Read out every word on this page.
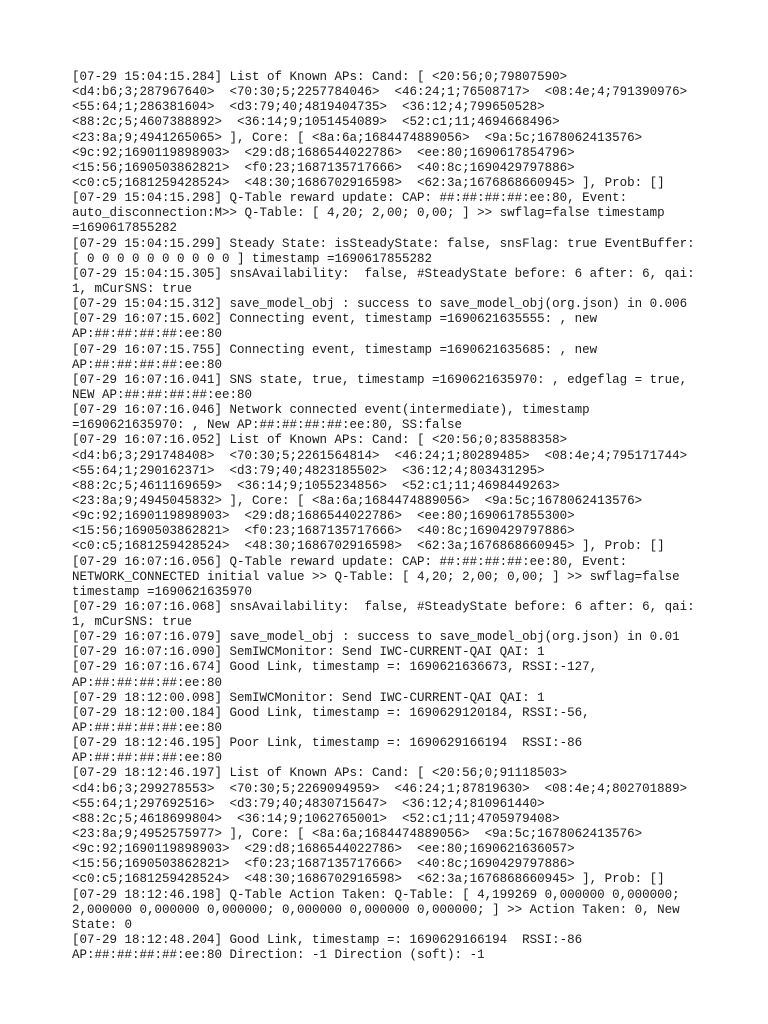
[07-29 15:04:15.284] List of Known APs: Cand: [ <20:56;0;79807590>
<d4:b6;3;287967640>  <70:30;5;2257784046>  <46:24;1;76508717>  <08:4e;4;791390976>
<55:64;1;286381604>  <d3:79;40;4819404735>  <36:12;4;799650528>
<88:2c;5;4607388892>  <36:14;9;1051454089>  <52:c1;11;4694668496>
<23:8a;9;4941265065> ], Core: [ <8a:6a;1684474889056>  <9a:5c;1678062413576>
<9c:92;1690119898903>  <29:d8;1686544022786>  <ee:80;1690617854796>
<15:56;1690503862821>  <f0:23;1687135717666>  <40:8c;1690429797886>
<c0:c5;1681259428524>  <48:30;1686702916598>  <62:3a;1676868660945> ], Prob: []
[07-29 15:04:15.298] Q-Table reward update: CAP: ##:##:##:##:ee:80, Event:
auto_disconnection:M>> Q-Table: [ 4,20; 2,00; 0,00; ] >> swflag=false timestamp
=1690617855282
[07-29 15:04:15.299] Steady State: isSteadyState: false, snsFlag: true EventBuffer:
[ 0 0 0 0 0 0 0 0 0 0 ] timestamp =1690617855282
[07-29 15:04:15.305] snsAvailability:  false, #SteadyState before: 6 after: 6, qai:
1, mCurSNS: true
[07-29 15:04:15.312] save_model_obj : success to save_model_obj(org.json) in 0.006
[07-29 16:07:15.602] Connecting event, timestamp =1690621635555: , new
AP:##:##:##:##:ee:80
[07-29 16:07:15.755] Connecting event, timestamp =1690621635685: , new
AP:##:##:##:##:ee:80
[07-29 16:07:16.041] SNS state, true, timestamp =1690621635970: , edgeflag = true,
NEW AP:##:##:##:##:ee:80
[07-29 16:07:16.046] Network connected event(intermediate), timestamp
=1690621635970: , New AP:##:##:##:##:ee:80, SS:false
[07-29 16:07:16.052] List of Known APs: Cand: [ <20:56;0;83588358>
<d4:b6;3;291748408>  <70:30;5;2261564814>  <46:24;1;80289485>  <08:4e;4;795171744>
<55:64;1;290162371>  <d3:79;40;4823185502>  <36:12;4;803431295>
<88:2c;5;4611169659>  <36:14;9;1055234856>  <52:c1;11;4698449263>
<23:8a;9;4945045832> ], Core: [ <8a:6a;1684474889056>  <9a:5c;1678062413576>
<9c:92;1690119898903>  <29:d8;1686544022786>  <ee:80;1690617855300>
<15:56;1690503862821>  <f0:23;1687135717666>  <40:8c;1690429797886>
<c0:c5;1681259428524>  <48:30;1686702916598>  <62:3a;1676868660945> ], Prob: []
[07-29 16:07:16.056] Q-Table reward update: CAP: ##:##:##:##:ee:80, Event:
NETWORK_CONNECTED initial value >> Q-Table: [ 4,20; 2,00; 0,00; ] >> swflag=false
timestamp =1690621635970
[07-29 16:07:16.068] snsAvailability:  false, #SteadyState before: 6 after: 6, qai:
1, mCurSNS: true
[07-29 16:07:16.079] save_model_obj : success to save_model_obj(org.json) in 0.01
[07-29 16:07:16.090] SemIWCMonitor: Send IWC-CURRENT-QAI QAI: 1
[07-29 16:07:16.674] Good Link, timestamp =: 1690621636673, RSSI:-127,
AP:##:##:##:##:ee:80
[07-29 18:12:00.098] SemIWCMonitor: Send IWC-CURRENT-QAI QAI: 1
[07-29 18:12:00.184] Good Link, timestamp =: 1690629120184, RSSI:-56,
AP:##:##:##:##:ee:80
[07-29 18:12:46.195] Poor Link, timestamp =: 1690629166194  RSSI:-86
AP:##:##:##:##:ee:80
[07-29 18:12:46.197] List of Known APs: Cand: [ <20:56;0;91118503>
<d4:b6;3;299278553>  <70:30;5;2269094959>  <46:24;1;87819630>  <08:4e;4;802701889>
<55:64;1;297692516>  <d3:79;40;4830715647>  <36:12;4;810961440>
<88:2c;5;4618699804>  <36:14;9;1062765001>  <52:c1;11;4705979408>
<23:8a;9;4952575977> ], Core: [ <8a:6a;1684474889056>  <9a:5c;1678062413576>
<9c:92;1690119898903>  <29:d8;1686544022786>  <ee:80;1690621636057>
<15:56;1690503862821>  <f0:23;1687135717666>  <40:8c;1690429797886>
<c0:c5;1681259428524>  <48:30;1686702916598>  <62:3a;1676868660945> ], Prob: []
[07-29 18:12:46.198] Q-Table Action Taken: Q-Table: [ 4,199269 0,000000 0,000000;
2,000000 0,000000 0,000000; 0,000000 0,000000 0,000000; ] >> Action Taken: 0, New
State: 0
[07-29 18:12:48.204] Good Link, timestamp =: 1690629166194  RSSI:-86
AP:##:##:##:##:ee:80 Direction: -1 Direction (soft): -1
